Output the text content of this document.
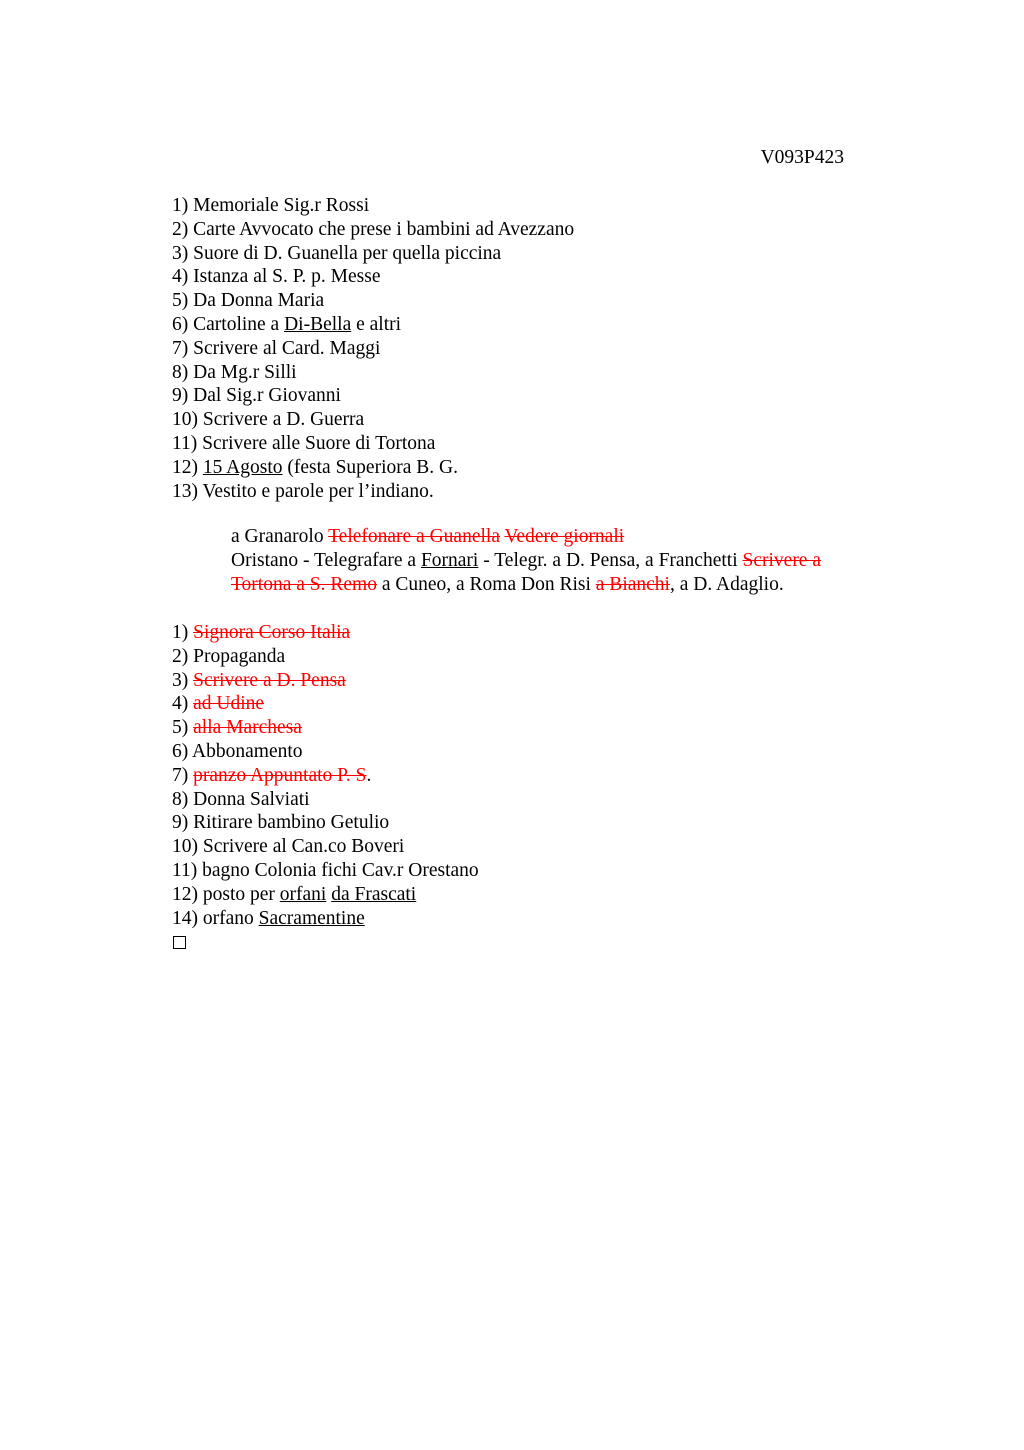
V093P423
1) Memoriale Sig.r Rossi
2) Carte Avvocato che prese i bambini ad Avezzano
3) Suore di D. Guanella per quella piccina
4) Istanza al S. P. p. Messe
5) Da Donna Maria
6) Cartoline a Di-Bella e altri
7) Scrivere al Card. Maggi
8) Da Mg.r Silli
9) Dal Sig.r Giovanni
10) Scrivere a D. Guerra
11) Scrivere alle Suore di Tortona
12) 15 Agosto (festa Superiora B. G.
13) Vestito e parole per l’indiano.
a Granarolo Telefonare a Guanella Vedere giornali
Oristano - Telegrafare a Fornari - Telegr. a D. Pensa, a Franchetti Scrivere a Tortona a S. Remo a Cuneo, a Roma Don Risi a Bianchi, a D. Adaglio.
1) Signora Corso Italia
2) Propaganda
3) Scrivere a D. Pensa
4) ad Udine
5) alla Marchesa
6) Abbonamento
7) pranzo Appuntato P. S.
8) Donna Salviati
9) Ritirare bambino Getulio
10) Scrivere al Can.co Boveri
11) bagno Colonia fichi Cav.r Orestano
12) posto per orfani da Frascati
14) orfano Sacramentine
